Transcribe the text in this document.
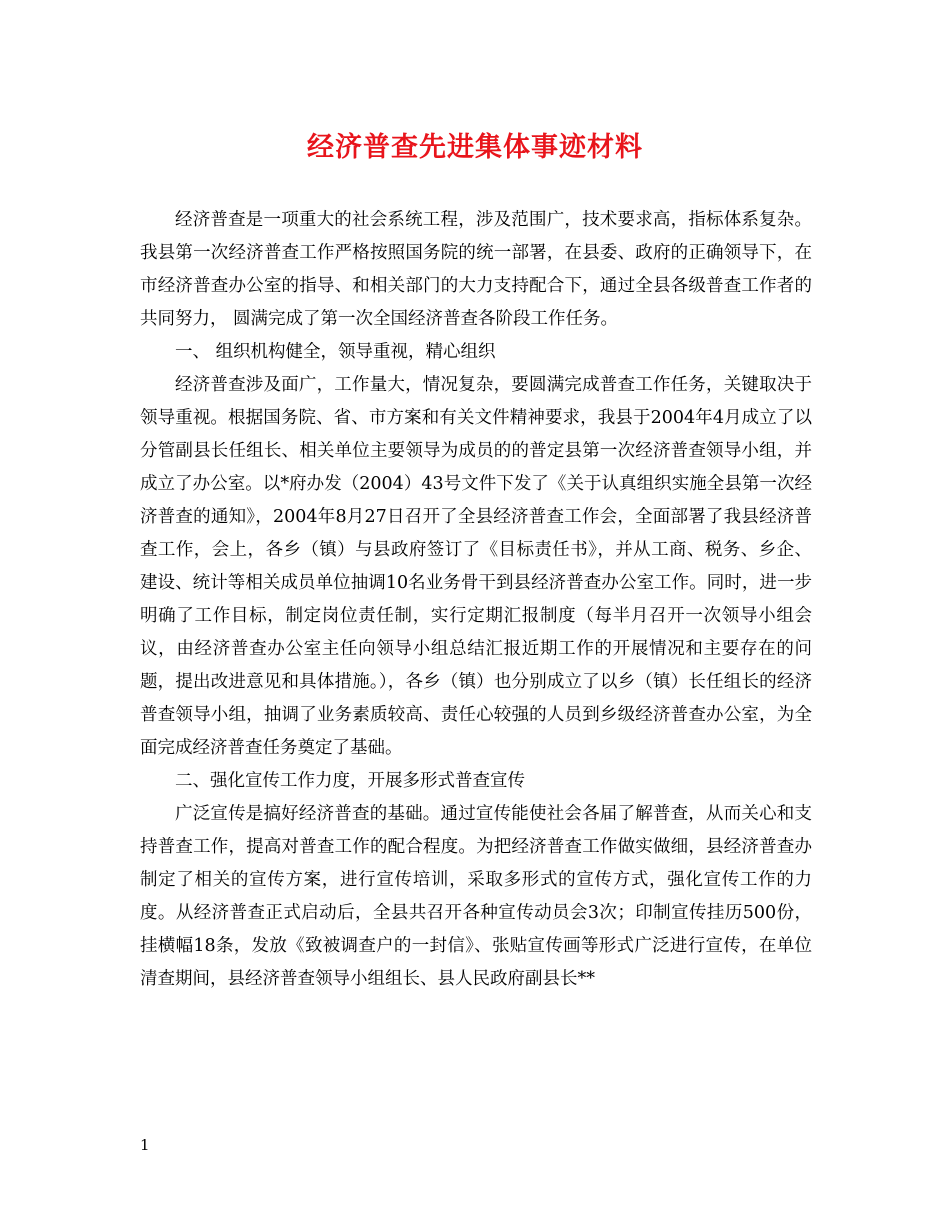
经济普查先进集体事迹材料

经济普查是一项重大的社会系统工程，涉及范围广，技术要求高，指标体系复杂。我县第一次经济普查工作严格按照国务院的统一部署，在县委、政府的正确领导下，在市经济普查办公室的指导、和相关部门的大力支持配合下，通过全县各级普查工作者的共同努力， 圆满完成了第一次全国经济普查各阶段工作任务。

一、 组织机构健全，领导重视，精心组织

经济普查涉及面广，工作量大，情况复杂，要圆满完成普查工作任务，关键取决于领导重视。根据国务院、省、市方案和有关文件精神要求，我县于2004年4月成立了以分管副县长任组长、相关单位主要领导为成员的的普定县第一次经济普查领导小组，并成立了办公室。以*府办发（2004）43号文件下发了《关于认真组织实施全县第一次经济普查的通知》，2004年8月27日召开了全县经济普查工作会，全面部署了我县经济普查工作，会上，各乡（镇）与县政府签订了《目标责任书》，并从工商、税务、乡企、建设、统计等相关成员单位抽调10名业务骨干到县经济普查办公室工作。同时，进一步明确了工作目标，制定岗位责任制，实行定期汇报制度（每半月召开一次领导小组会议，由经济普查办公室主任向领导小组总结汇报近期工作的开展情况和主要存在的问题，提出改进意见和具体措施。），各乡（镇）也分别成立了以乡（镇）长任组长的经济普查领导小组，抽调了业务素质较高、责任心较强的人员到乡级经济普查办公室，为全面完成经济普查任务奠定了基础。

二、强化宣传工作力度，开展多形式普查宣传

广泛宣传是搞好经济普查的基础。通过宣传能使社会各届了解普查，从而关心和支持普查工作，提高对普查工作的配合程度。为把经济普查工作做实做细，县经济普查办制定了相关的宣传方案，进行宣传培训，采取多形式的宣传方式，强化宣传工作的力度。从经济普查正式启动后，全县共召开各种宣传动员会3次；印制宣传挂历500份，挂横幅18条，发放《致被调查户的一封信》、张贴宣传画等形式广泛进行宣传，在单位清查期间，县经济普查领导小组组长、县人民政府副县长**

1
